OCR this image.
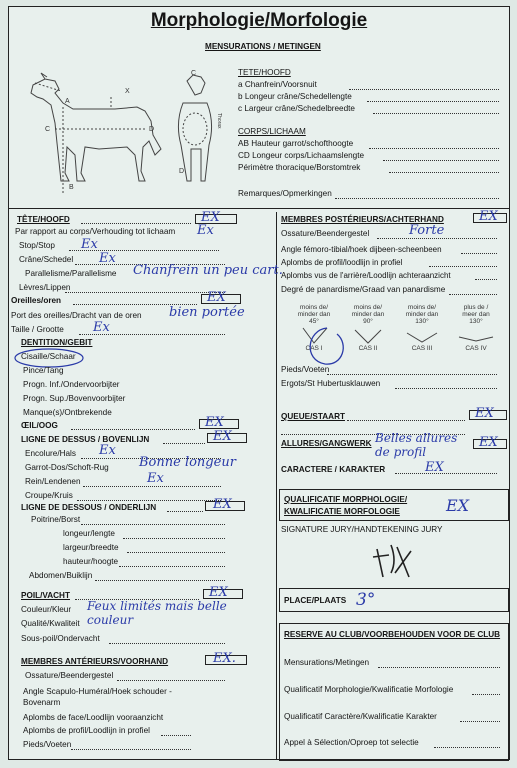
Morphologie/Morfologie
MENSURATIONS / METINGEN
A
B
C	D
X
D
C
Thorax
TETE/HOOFD
a Chanfrein/Voorsnuit
b Longeur crâne/Schedellengte
c Largeur crâne/Schedelbreedte
CORPS/LICHAAM
AB Hauteur garrot/schofthoogte
CD Longeur corps/Lichaamslengte
Périmètre thoracique/Borstomtrek
Remarques/Opmerkingen
TÊTE/HOOFD	EX
Par rapport au corps/Verhouding tot lichaam Ex
Stop/Stop Ex
Crâne/Schedel Ex
Parallelisme/Parallelisme Chanfrein un peu cart.
Lèvres/Lippen
Oreilles/oren	EX
Port des oreilles/Dracht van de oren bien portée
Taille / Grootte Ex
DENTITION/GEBIT
Cisaille/Schaar
Pince/Tang
Progn. Inf./Ondervoorbijter
Progn. Sup./Bovenvoorbijter
Manque(s)/Ontbrekende
ŒIL/OOG	EX
LIGNE DE DESSUS / BOVENLIJN	EX
Encolure/Hals Ex
Garrot-Dos/Schoft-Rug Bonne longeur
Rein/Lendenen	Ex
Croupe/Kruis
LIGNE DE DESSOUS / ONDERLIJN	EX
Poitrine/Borst
longeur/lengte
largeur/breedte
hauteur/hoogte
Abdomen/Buiklijn
POIL/VACHT	EX
Couleur/Kleur Feux limités mais belle couleur
Qualité/Kwaliteit
Sous-poil/Ondervacht
MEMBRES ANTÉRIEURS/VOORHAND	EX.
Ossature/Beendergestel
Angle Scapulo-Huméral/Hoek schouder -
Bovenarm
Aplombs de face/Loodlijn vooraanzicht
Aplombs de profil/Loodlijn in profiel
Pieds/Voeten
MEMBRES POSTÉRIEURS/ACHTERHAND	EX
Ossature/Beendergestel	Forte
Angle fémoro-tibial/hoek dijbeen-scheenbeen
Aplombs de profil/loodlijn in profiel
Aplombs vus de l'arrière/Loodlijn achteraanzicht
Degré de panardisme/Graad van panardisme
moins de/
minder dan
45°
moins de/
minder dan
90°
moins de/
minder dan
130°
plus de /
meer dan
130°
CAS I	CAS II	CAS III	CAS IV
Pieds/Voeten
Ergots/St Hubertusklauwen
QUEUE/STAART	EX
ALLURES/GANGWERK	EX
Belles allures de profil
CARACTERE / KARAKTER	EX
QUALIFICATIF MORPHOLOGIE/
KWALIFICATIE MORFOLOGIE	EX
SIGNATURE JURY/HANDTEKENING JURY
PLACE/PLAATS 3°
RESERVE AU CLUB/VOORBEHOUDEN VOOR DE CLUB
Mensurations/Metingen
Qualificatif Morphologie/Kwalificatie Morfologie
Qualificatif Caractère/Kwalificatie Karakter
Appel à Sélection/Oproep tot selectie
